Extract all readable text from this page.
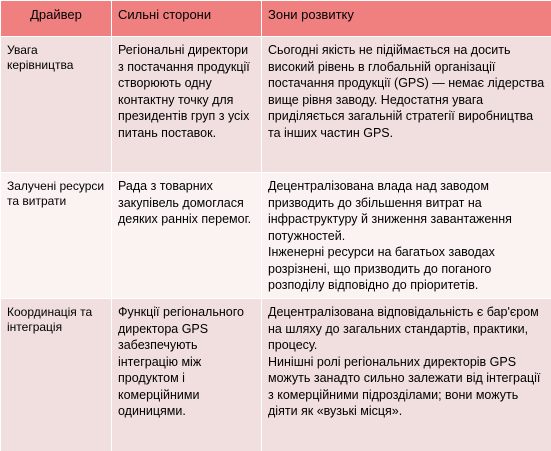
Драйвер	Сильні сторони	Зони розвитку
Увага керівництва	Регіональні директори з постачання продукції створюють одну контактну точку для президентів груп з усіх питань поставок.	Сьогодні якість не підіймається на досить високий рівень в глобальній організації постачання продукції (GPS) — немає лідерства вище рівня заводу. Недостатня увага приділяється загальній стратегії виробництва та інших частин GPS.

Залучені ресурси та витрати	Рада з товарних закупівель домоглася деяких ранніх перемог.	Децентралізована влада над заводом призводить до збільшення витрат на інфраструктуру й зниження завантаження потужностей.
Інженерні ресурси на багатьох заводах розрізнені, що призводить до поганого розподілу відповідно до пріоритетів.

Координація та інтеграція	Функції регіонального директора GPS забезпечують інтеграцію між продуктом і комерційними одиницями.	Децентралізована відповідальність є бар'єром на шляху до загальних стандартів, практики, процесу.
Нинішні ролі регіональних директорів GPS можуть занадто сильно залежати від інтеграції з комерційними підрозділами; вони можуть діяти як «вузькі місця».
